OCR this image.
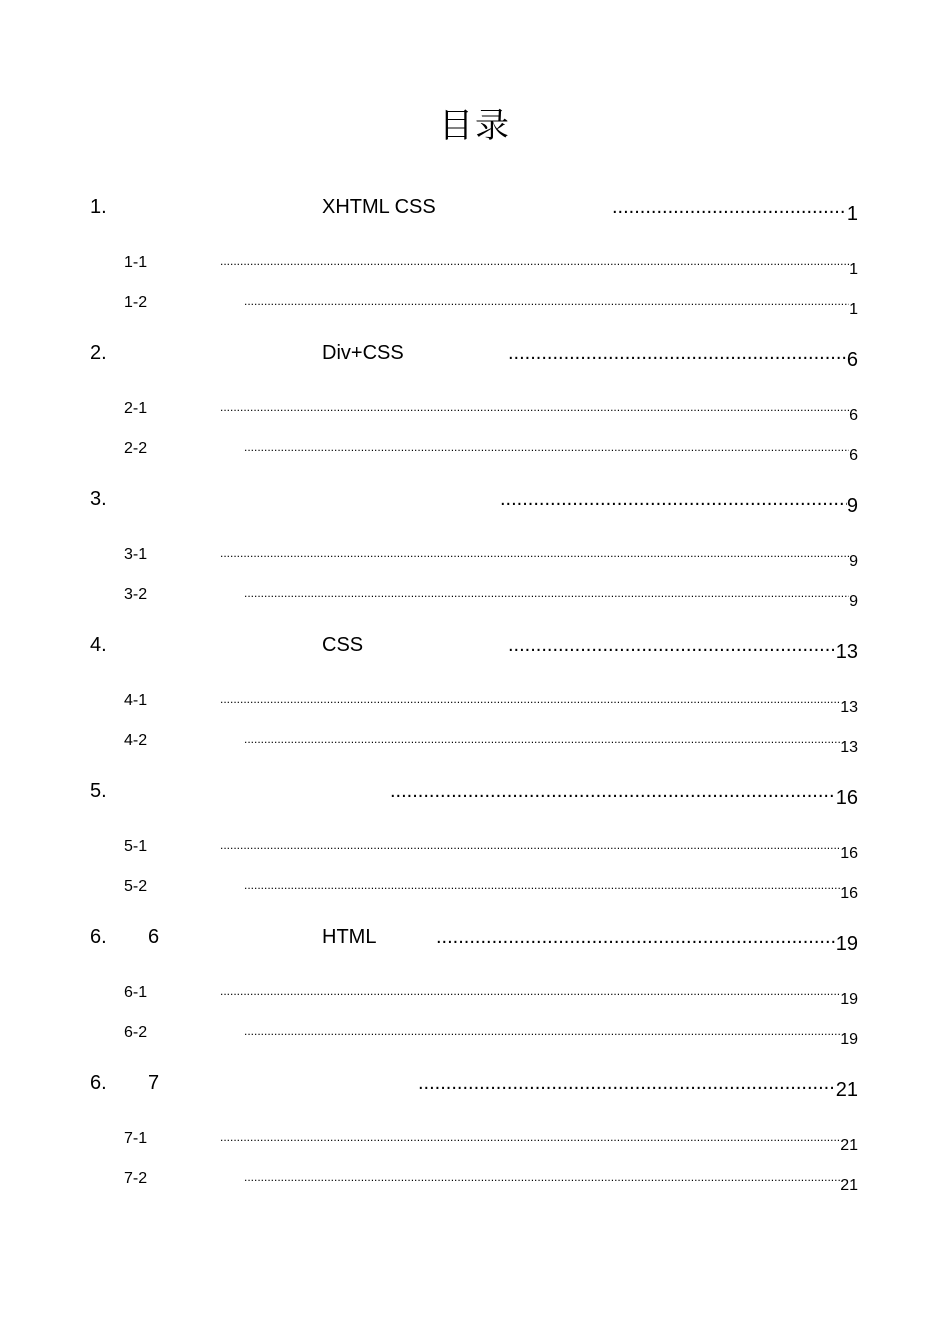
目录
1.	XHTML CSS .....	1
1-1 .....	1
1-2 .....	1
2.	Div+CSS .....	6
2-1 .....	6
2-2 .....	6
3. .....	9
3-1 .....	9
3-2 .....	9
4.	CSS .....	13
4-1 .....	13
4-2 .....	13
5. .....	16
5-1 .....	16
5-2 .....	16
6. 6	HTML .....	19
6-1 .....	19
6-2 .....	19
6. 7 .....	21
7-1 .....	21
7-2 .....	21
